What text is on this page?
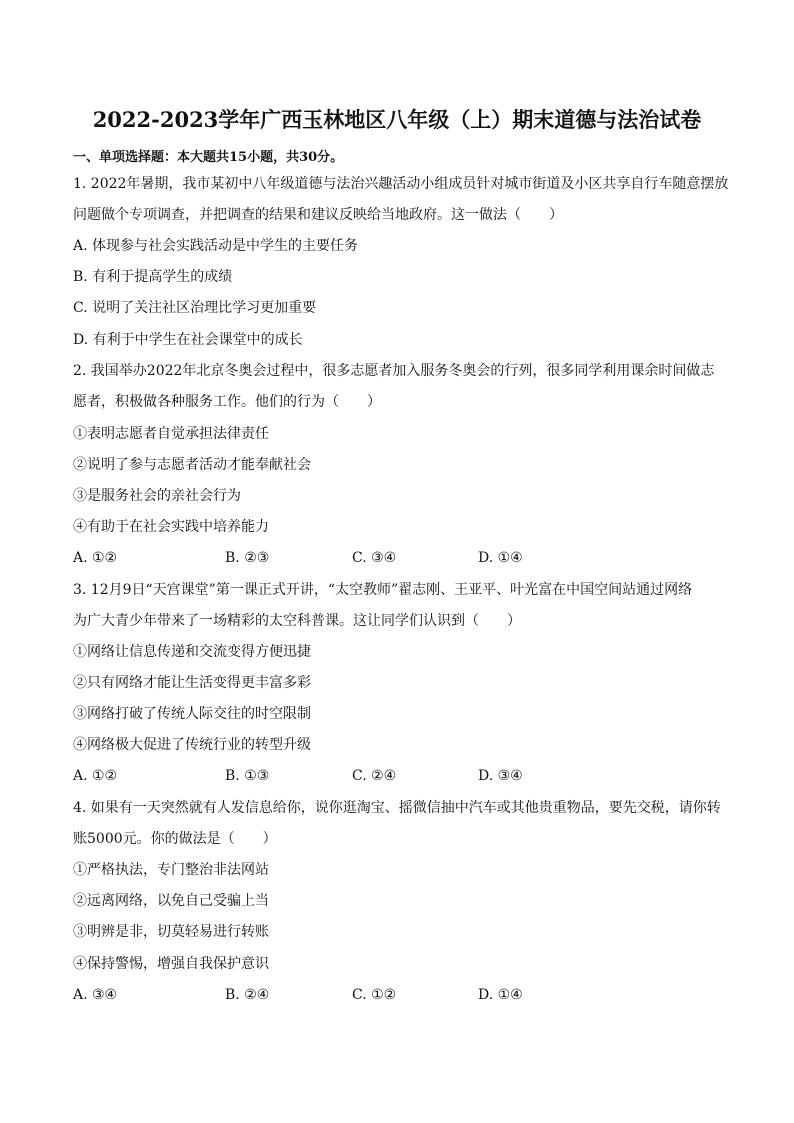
2022-2023学年广西玉林地区八年级（上）期末道德与法治试卷
一、单项选择题：本大题共15小题，共30分。
1. 2022年暑期，我市某初中八年级道德与法治兴趣活动小组成员针对城市街道及小区共享自行车随意摆放
问题做个专项调查，并把调查的结果和建议反映给当地政府。这一做法（　　）
A. 体现参与社会实践活动是中学生的主要任务
B. 有利于提高学生的成绩
C. 说明了关注社区治理比学习更加重要
D. 有利于中学生在社会课堂中的成长
2. 我国举办2022年北京冬奥会过程中，很多志愿者加入服务冬奥会的行列，很多同学利用课余时间做志
愿者，积极做各种服务工作。他们的行为（　　）
①表明志愿者自觉承担法律责任
②说明了参与志愿者活动才能奉献社会
③是服务社会的亲社会行为
④有助于在社会实践中培养能力
A. ①②	B. ②③	C. ③④	D. ①④
3. 12月9日“天宫课堂”第一课正式开讲，“太空教师”翟志刚、王亚平、叶光富在中国空间站通过网络
为广大青少年带来了一场精彩的太空科普课。这让同学们认识到（　　）
①网络让信息传递和交流变得方便迅捷
②只有网络才能让生活变得更丰富多彩
③网络打破了传统人际交往的时空限制
④网络极大促进了传统行业的转型升级
A. ①②	B. ①③	C. ②④	D. ③④
4. 如果有一天突然就有人发信息给你，说你逛淘宝、摇微信抽中汽车或其他贵重物品，要先交税，请你转
账5000元。你的做法是（　　）
①严格执法，专门整治非法网站
②远离网络，以免自己受骗上当
③明辨是非，切莫轻易进行转账
④保持警惕，增强自我保护意识
A. ③④	B. ②④	C. ①②	D. ①④
